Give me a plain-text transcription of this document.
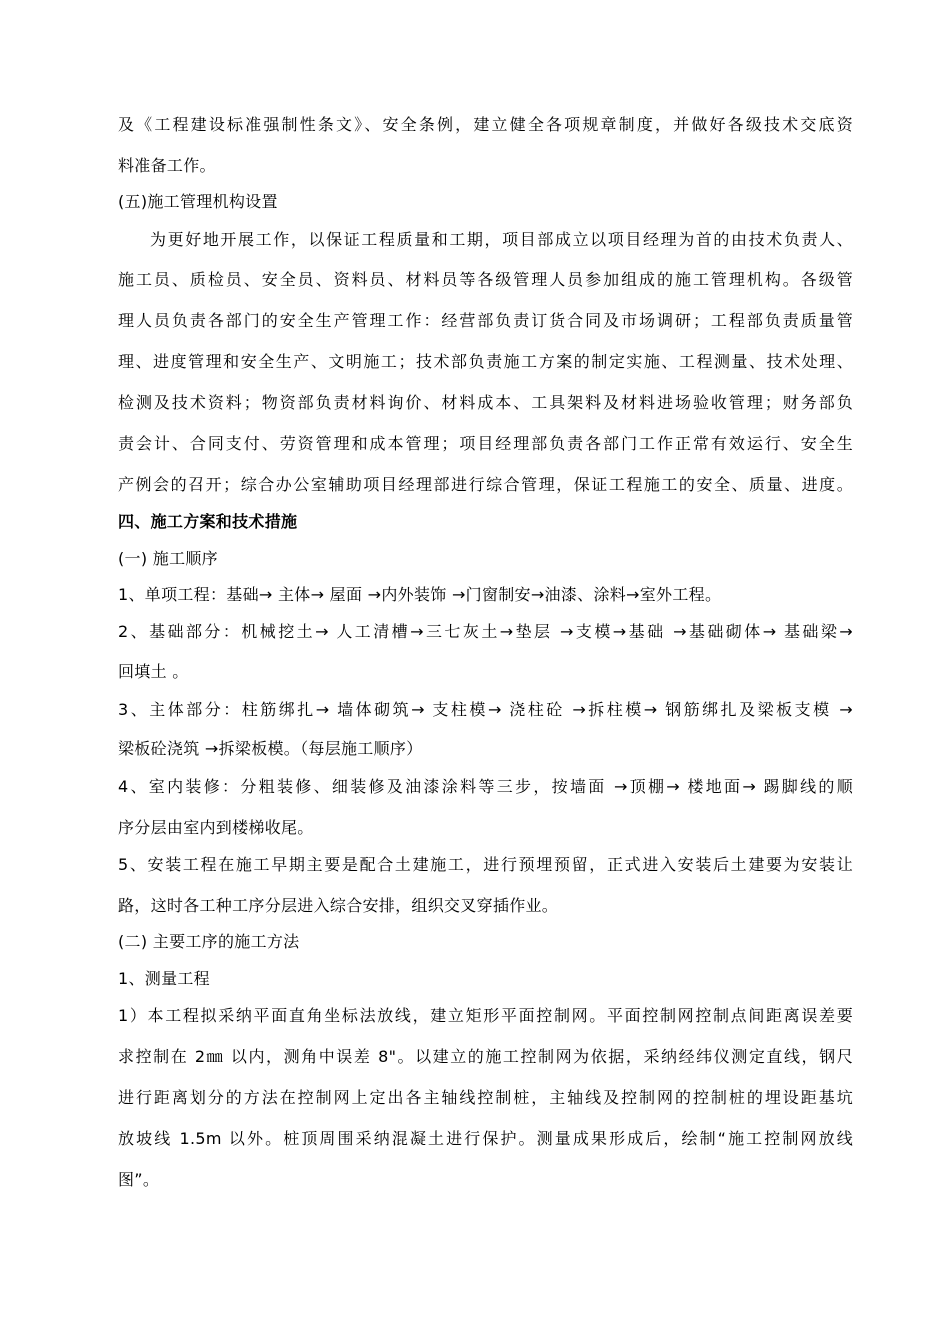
及《工程建设标准强制性条文》、安全条例，建立健全各项规章制度，并做好各级技术交底资
料准备工作。
(五)施工管理机构设置
为更好地开展工作，以保证工程质量和工期，项目部成立以项目经理为首的由技术负责人、
施工员、质检员、安全员、资料员、材料员等各级管理人员参加组成的施工管理机构。各级管
理人员负责各部门的安全生产管理工作：经营部负责订货合同及市场调研；工程部负责质量管
理、进度管理和安全生产、文明施工；技术部负责施工方案的制定实施、工程测量、技术处理、
检测及技术资料；物资部负责材料询价、材料成本、工具架料及材料进场验收管理；财务部负
责会计、合同支付、劳资管理和成本管理；项目经理部负责各部门工作正常有效运行、安全生
产例会的召开；综合办公室辅助项目经理部进行综合管理，保证工程施工的安全、质量、进度。
四、施工方案和技术措施
(一) 施工顺序
1、单项工程：基础→ 主体→ 屋面 →内外装饰 →门窗制安→油漆、涂料→室外工程。
2、基础部分：机械挖土→ 人工清槽→三七灰土→垫层 →支模→基础 →基础砌体→ 基础梁→
回填土 。
3、主体部分：柱筋绑扎→ 墙体砌筑→ 支柱模→ 浇柱砼 →拆柱模→ 钢筋绑扎及梁板支模 →
梁板砼浇筑 →拆梁板模。（每层施工顺序）
4、室内装修：分粗装修、细装修及油漆涂料等三步，按墙面 →顶棚→ 楼地面→ 踢脚线的顺
序分层由室内到楼梯收尾。
5、安装工程在施工早期主要是配合土建施工，进行预埋预留，正式进入安装后土建要为安装让
路，这时各工种工序分层进入综合安排，组织交叉穿插作业。
(二) 主要工序的施工方法
1、测量工程
1）本工程拟采纳平面直角坐标法放线，建立矩形平面控制网。平面控制网控制点间距离误差要
求控制在 2㎜ 以内，测角中误差 8"。以建立的施工控制网为依据，采纳经纬仪测定直线，钢尺
进行距离划分的方法在控制网上定出各主轴线控制桩，主轴线及控制网的控制桩的埋设距基坑
放坡线 1.5m 以外。桩顶周围采纳混凝土进行保护。测量成果形成后，绘制“施工控制网放线
图”。
